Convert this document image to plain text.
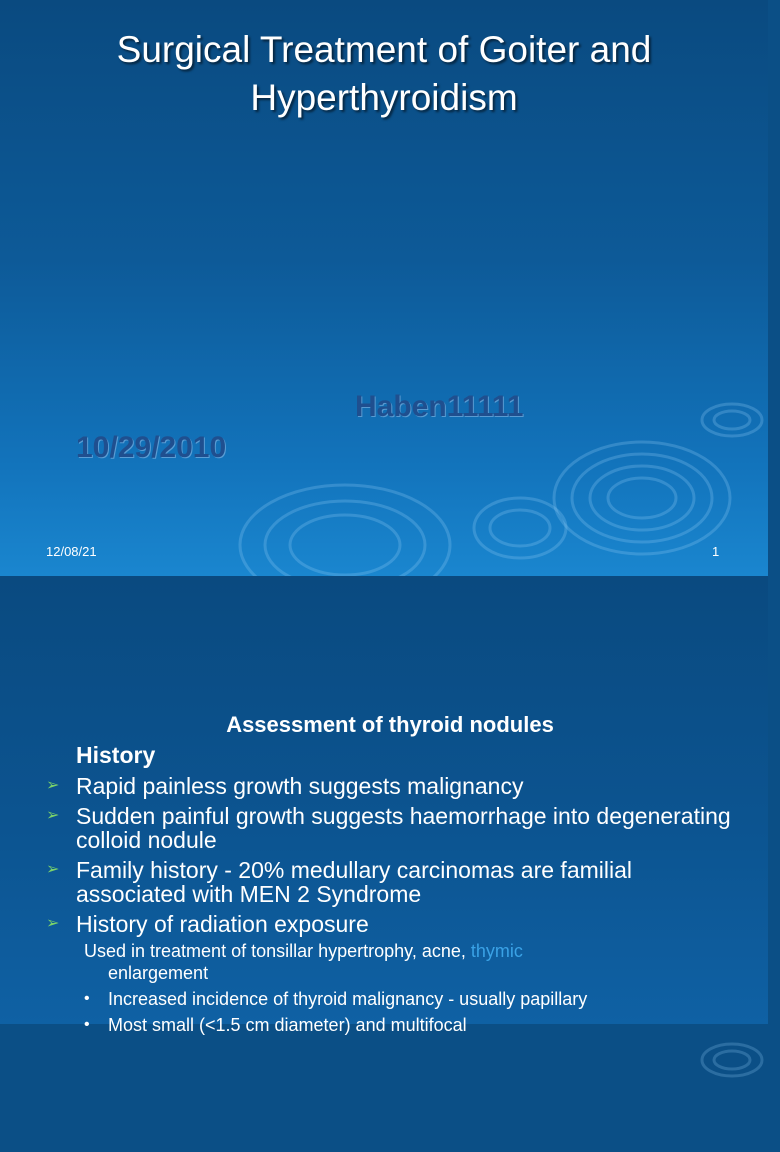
Surgical Treatment of Goiter and Hyperthyroidism
Haben11111
10/29/2010
12/08/21	1
Assessment of thyroid nodules
History
➢ Rapid painless growth suggests malignancy
➢ Sudden painful growth suggests haemorrhage into degenerating colloid nodule
➢ Family history - 20% medullary carcinomas are familial associated with MEN 2 Syndrome
➢ History of radiation exposure
Used in treatment of tonsillar hypertrophy, acne, thymic
enlargement
• Increased incidence of thyroid malignancy - usually papillary
• Most small (<1.5 cm diameter) and multifocal
